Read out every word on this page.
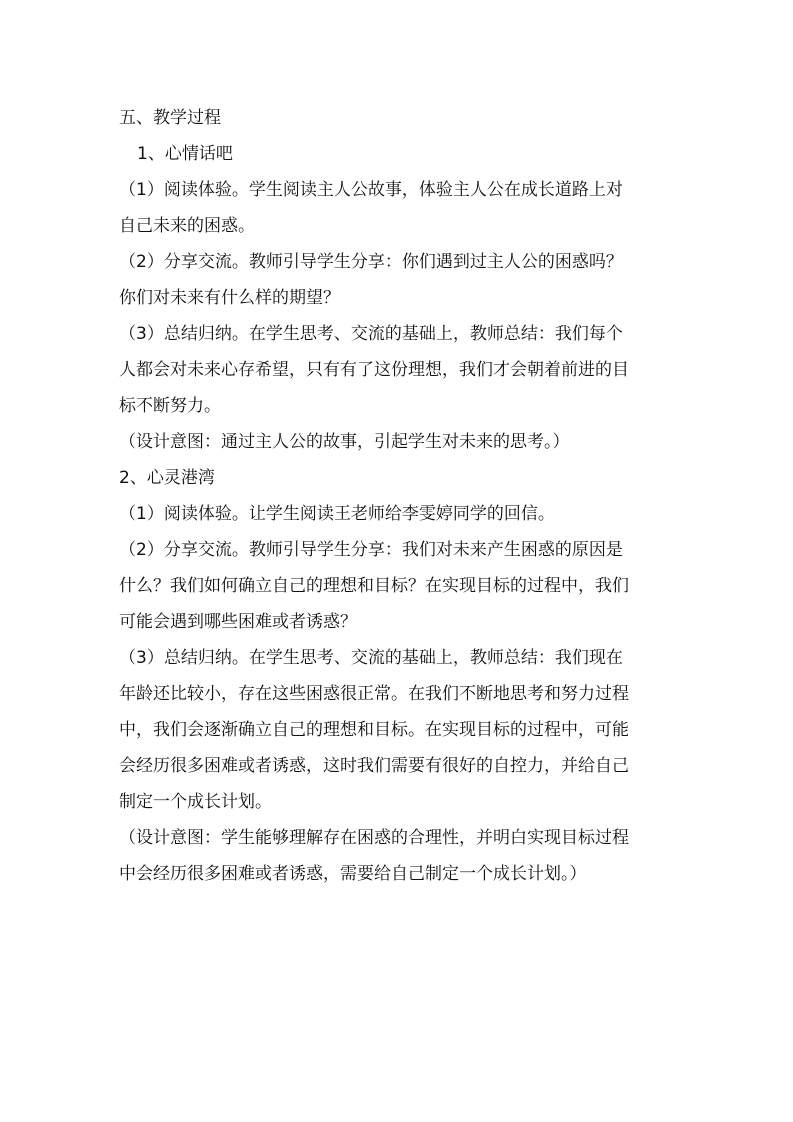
五、教学过程
1、心情话吧
（1）阅读体验。学生阅读主人公故事，体验主人公在成长道路上对
自己未来的困惑。
（2）分享交流。教师引导学生分享：你们遇到过主人公的困惑吗？
你们对未来有什么样的期望？
（3）总结归纳。在学生思考、交流的基础上，教师总结：我们每个
人都会对未来心存希望，只有有了这份理想，我们才会朝着前进的目
标不断努力。
（设计意图：通过主人公的故事，引起学生对未来的思考。）
2、心灵港湾
（1）阅读体验。让学生阅读王老师给李雯婷同学的回信。
（2）分享交流。教师引导学生分享：我们对未来产生困惑的原因是
什么？我们如何确立自己的理想和目标？在实现目标的过程中，我们
可能会遇到哪些困难或者诱惑？
（3）总结归纳。在学生思考、交流的基础上，教师总结：我们现在
年龄还比较小，存在这些困惑很正常。在我们不断地思考和努力过程
中，我们会逐渐确立自己的理想和目标。在实现目标的过程中，可能
会经历很多困难或者诱惑，这时我们需要有很好的自控力，并给自己
制定一个成长计划。
（设计意图：学生能够理解存在困惑的合理性，并明白实现目标过程
中会经历很多困难或者诱惑，需要给自己制定一个成长计划。）
